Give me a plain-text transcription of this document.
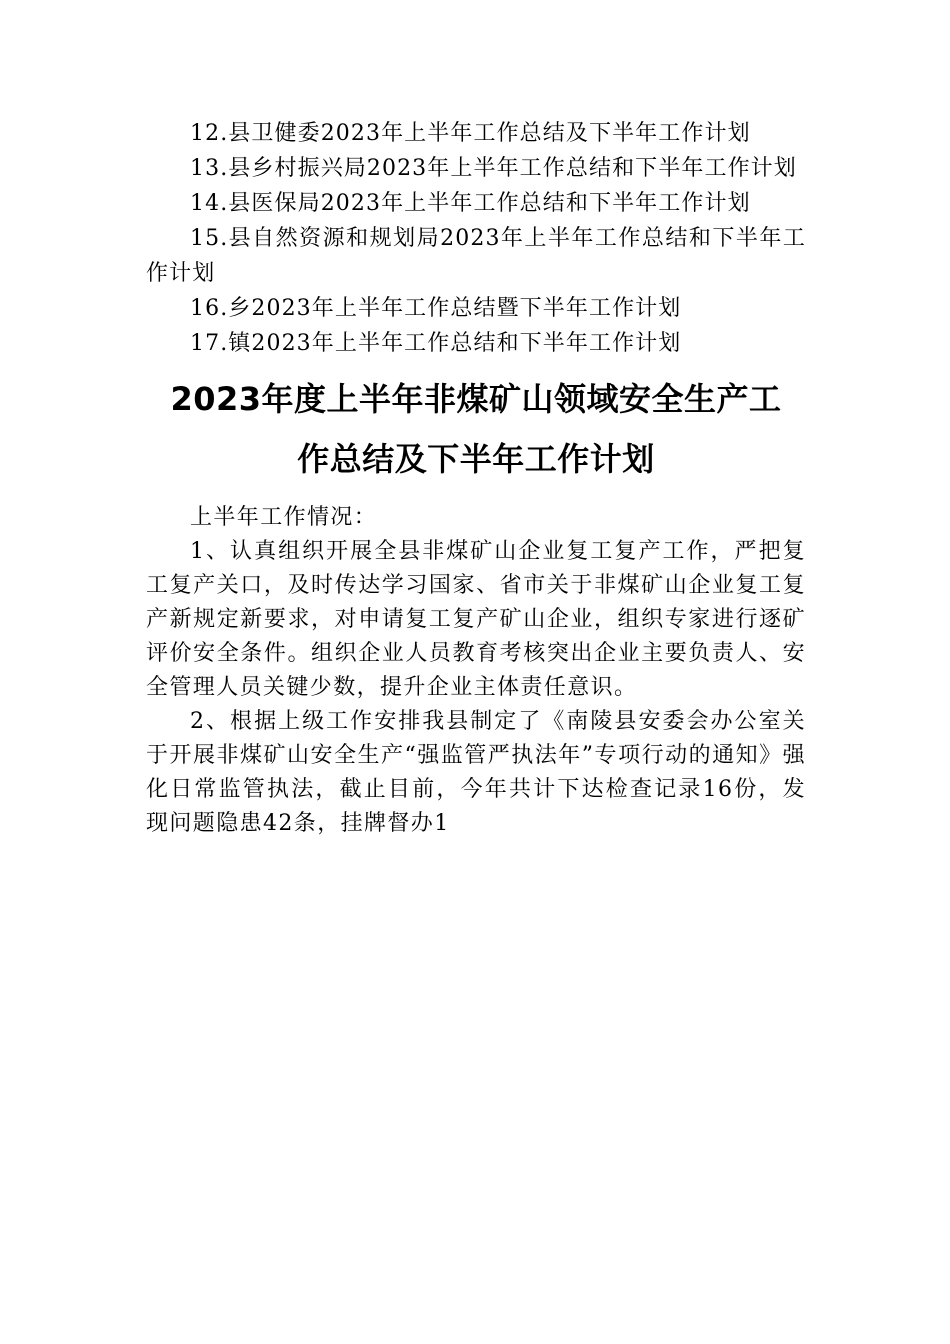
12.县卫健委2023年上半年工作总结及下半年工作计划

13.县乡村振兴局2023年上半年工作总结和下半年工作计划

14.县医保局2023年上半年工作总结和下半年工作计划

15.县自然资源和规划局2023年上半年工作总结和下半年工作计划

16.乡2023年上半年工作总结暨下半年工作计划

17.镇2023年上半年工作总结和下半年工作计划

2023年度上半年非煤矿山领域安全生产工
作总结及下半年工作计划

上半年工作情况：

1、认真组织开展全县非煤矿山企业复工复产工作，严把复工复产关口，及时传达学习国家、省市关于非煤矿山企业复工复产新规定新要求，对申请复工复产矿山企业，组织专家进行逐矿评价安全条件。组织企业人员教育考核突出企业主要负责人、安全管理人员关键少数，提升企业主体责任意识。

2、根据上级工作安排我县制定了《南陵县安委会办公室关于开展非煤矿山安全生产“强监管严执法年”专项行动的通知》强化日常监管执法，截止目前，今年共计下达检查记录16份，发现问题隐患42条，挂牌督办1
